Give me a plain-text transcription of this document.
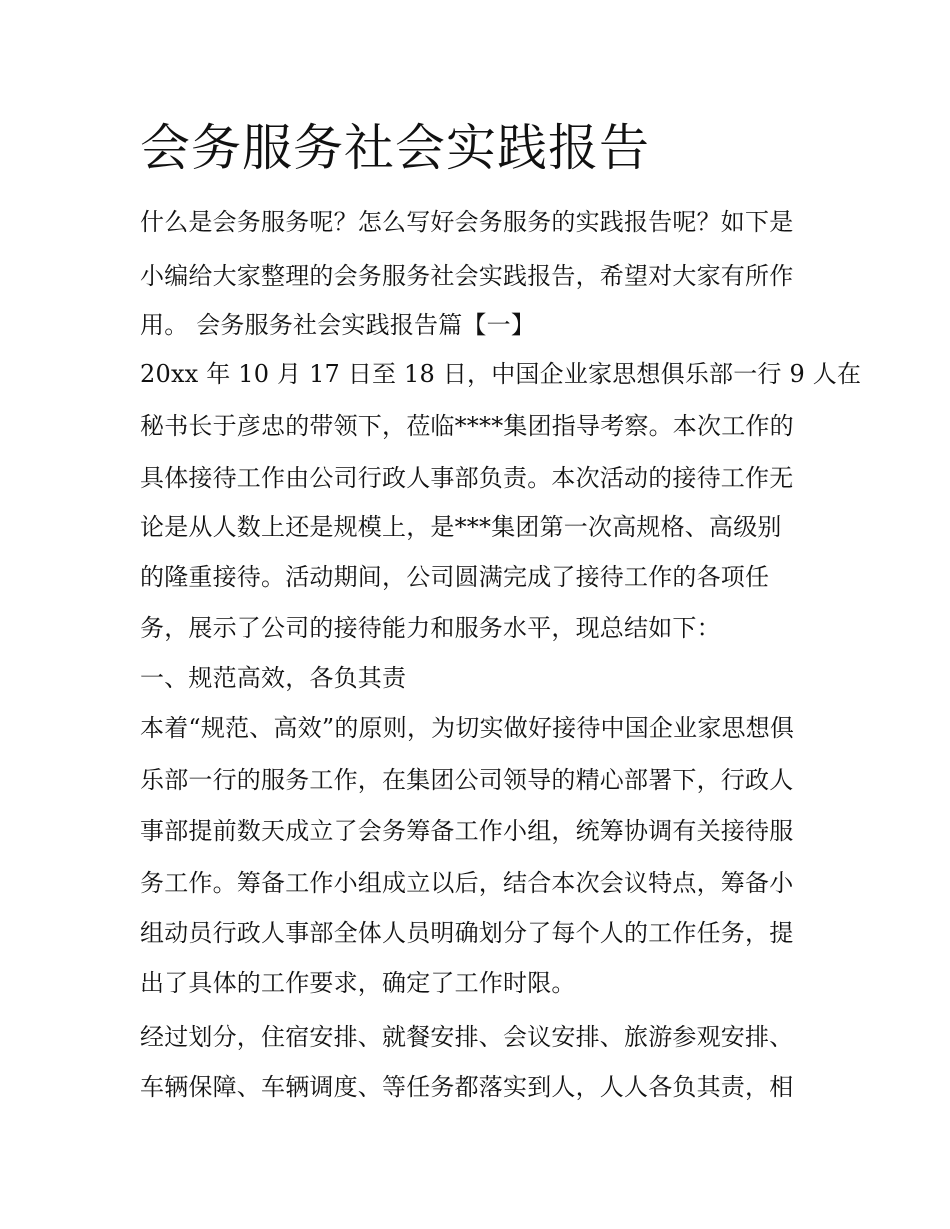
会务服务社会实践报告

什么是会务服务呢？怎么写好会务服务的实践报告呢？如下是

小编给大家整理的会务服务社会实践报告，希望对大家有所作

用。 会务服务社会实践报告篇【一】

20xx 年 10 月 17 日至 18 日，中国企业家思想俱乐部一行 9 人在

秘书长于彦忠的带领下，莅临****集团指导考察。本次工作的

具体接待工作由公司行政人事部负责。本次活动的接待工作无

论是从人数上还是规模上，是***集团第一次高规格、高级别

的隆重接待。活动期间，公司圆满完成了接待工作的各项任

务，展示了公司的接待能力和服务水平，现总结如下：

一、规范高效，各负其责

本着“规范、高效”的原则，为切实做好接待中国企业家思想俱

乐部一行的服务工作，在集团公司领导的精心部署下，行政人

事部提前数天成立了会务筹备工作小组，统筹协调有关接待服

务工作。筹备工作小组成立以后，结合本次会议特点，筹备小

组动员行政人事部全体人员明确划分了每个人的工作任务，提

出了具体的工作要求，确定了工作时限。

经过划分，住宿安排、就餐安排、会议安排、旅游参观安排、

车辆保障、车辆调度、等任务都落实到人，人人各负其责，相
